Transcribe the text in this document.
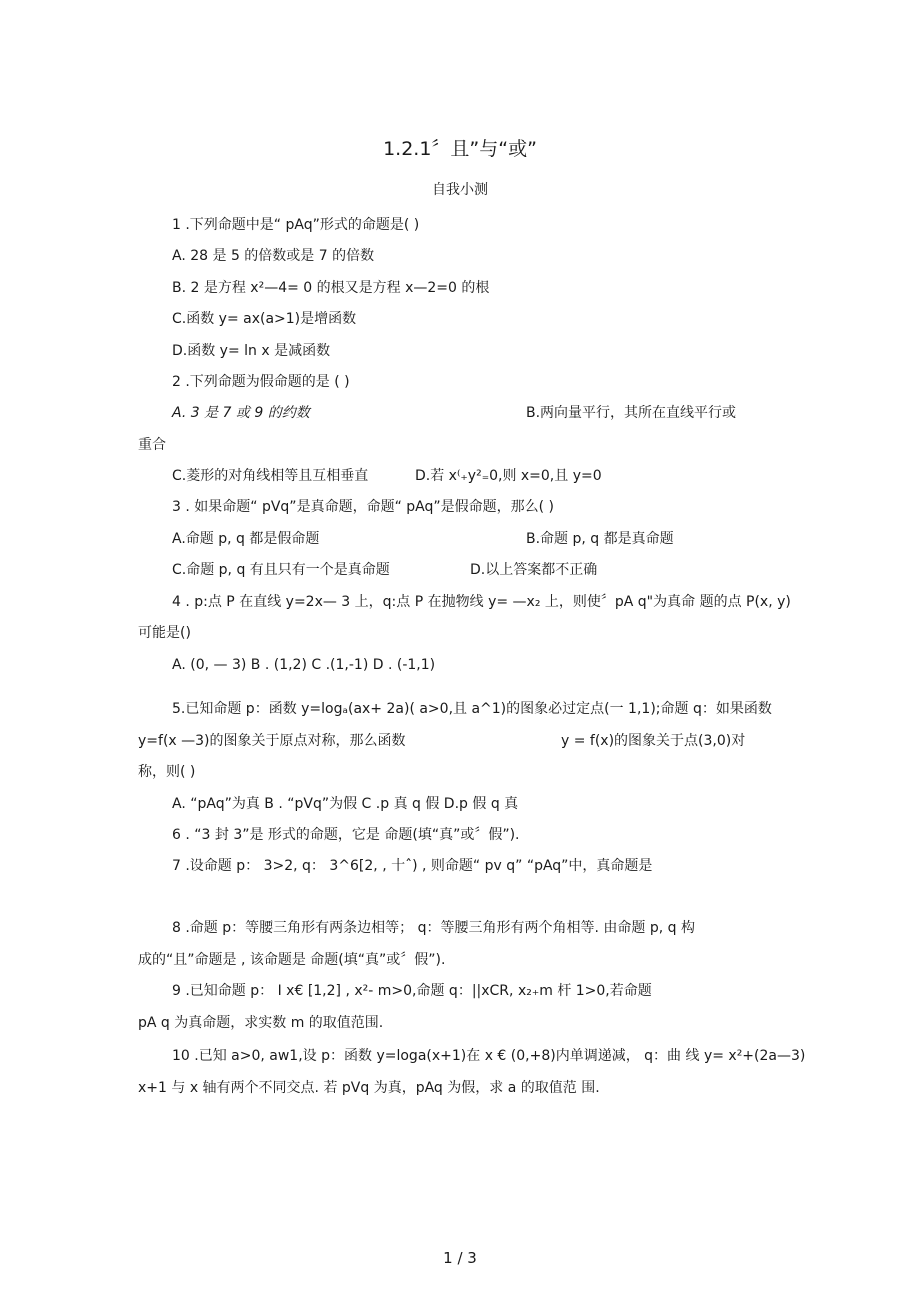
1.2.1〞且”与“或”
自我小测
1 .下列命题中是“ pAq”形式的命题是( )
A. 28 是 5 的倍数或是 7 的倍数
B. 2 是方程 x²—4= 0 的根又是方程 x—2=0 的根
C.函数 y= ax(a>1)是增函数
D.函数 y= ln x 是减函数
2 .下列命题为假命题的是 ( )
A. 3 是 7 或 9 的约数	B.两向量平行，其所在直线平行或
重合
C.菱形的对角线相等且互相垂直	D.若 x⁽₊y²₌0,则 x=0,且 y=0
3 . 如果命题“ pVq”是真命题，命题“ pAq”是假命题，那么( )
A.命题 p, q 都是假命题	B.命题 p, q 都是真命题
C.命题 p, q 有且只有一个是真命题	D.以上答案都不正确
4 . p:点 P 在直线 y=2x— 3 上，q:点 P 在抛物线 y= —x₂ 上，则使〞pA q"为真命 题的点 P(x, y)
可能是()
A. (0, — 3) B . (1,2) C .(1,-1) D . (-1,1)
5.已知命题 p：函数 y=logₐ(ax+ 2a)( a>0,且 a^1)的图象必过定点(一 1,1);命题 q：如果函数
y=f(x —3)的图象关于原点对称，那么函数	y = f(x)的图象关于点(3,0)对
称，则( )
A. “pAq”为真 B . “pVq”为假 C .p 真 q 假 D.p 假 q 真
6 . “3 封 3”是 形式的命题，它是 命题(填“真”或〞假”).
7 .设命题 p： 3>2, q： 3^6[2, , 十ˆ) , 则命题“ pv q” “pAq”中，真命题是
8 .命题 p：等腰三角形有两条边相等； q：等腰三角形有两个角相等. 由命题 p, q 构
成的“且”命题是 , 该命题是 命题(填“真”或〞假”).
9 .已知命题 p： I x€ [1,2] , x²- m>0,命题 q：||xCR, x₂₊m 杆 1>0,若命题
pA q 为真命题，求实数 m 的取值范围.
10 .已知 a>0, aw1,设 p：函数 y=loga(x+1)在 x € (0,+8)内单调递减， q：曲 线 y= x²+(2a—3)
x+1 与 x 轴有两个不同交点. 若 pVq 为真，pAq 为假，求 a 的取值范 围.
1 / 3
